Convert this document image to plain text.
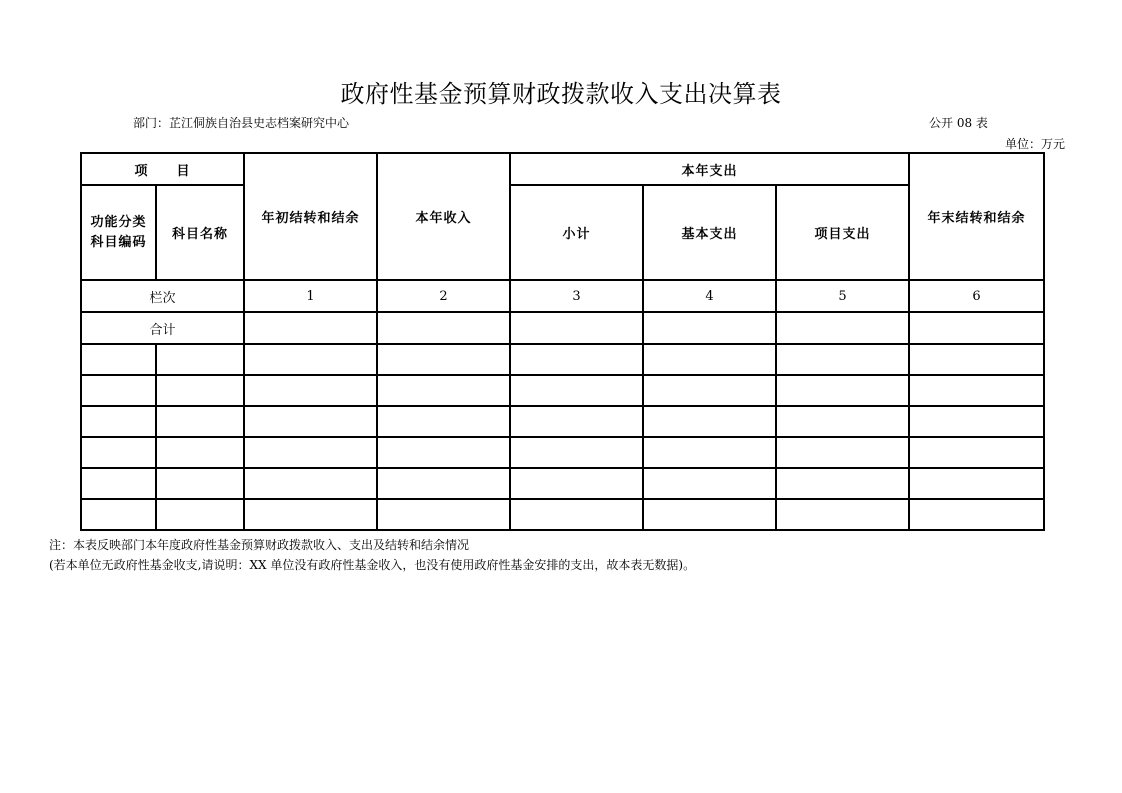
政府性基金预算财政拨款收入支出决算表
部门：芷江侗族自治县史志档案研究中心	公开 08 表
单位：万元
项　　目		年初结转和结余	本年收入	本年支出			年末结转和结余
功能分类
科目编码	科目名称			小计	基本支出	项目支出	
栏次		1	2	3	4	5	6
合计							

注：本表反映部门本年度政府性基金预算财政拨款收入、支出及结转和结余情况
(若本单位无政府性基金收支,请说明：XX 单位没有政府性基金收入，也没有使用政府性基金安排的支出，故本表无数据)。
